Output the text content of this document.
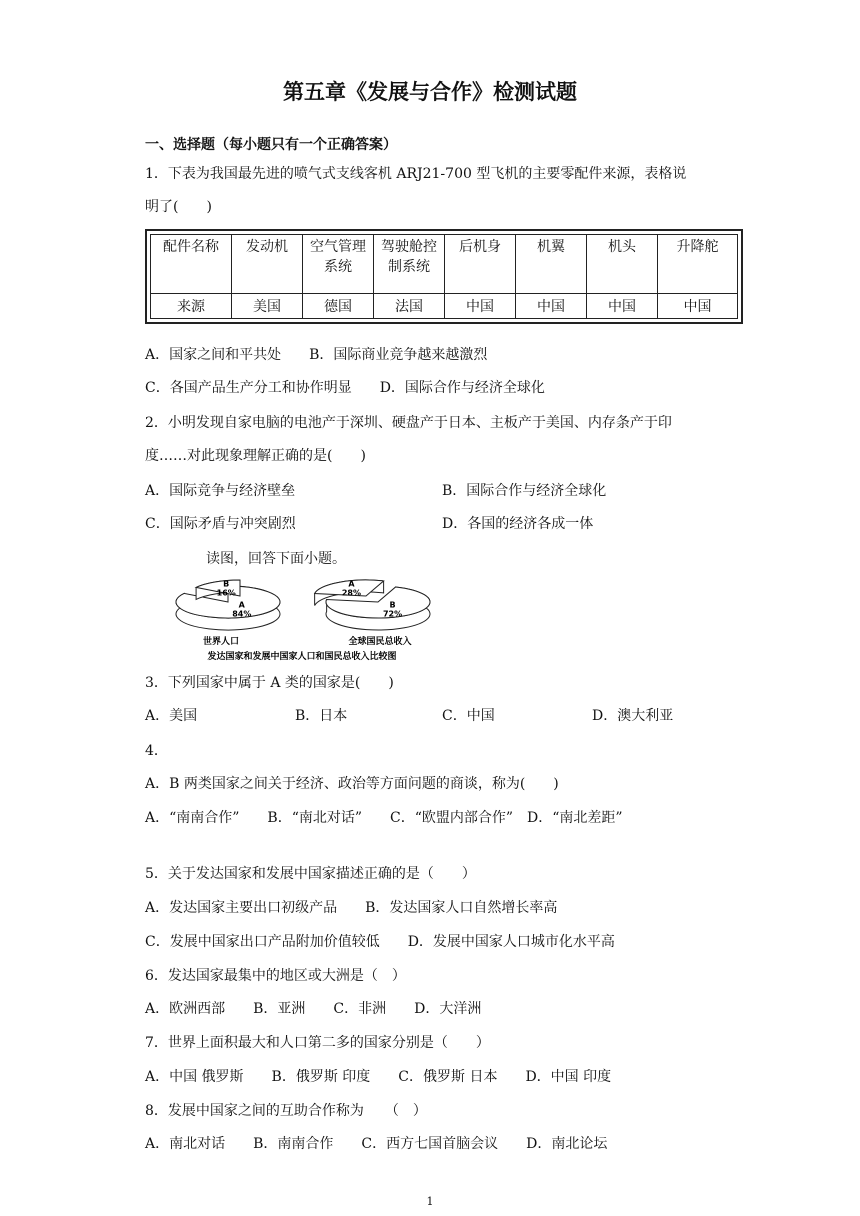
第五章《发展与合作》检测试题
一、选择题（每小题只有一个正确答案）
1．下表为我国最先进的喷气式支线客机 ARJ21-700 型飞机的主要零配件来源，表格说
明了(　　)
配件名称	发动机	空气管理系统	驾驶舱控制系统	后机身	机翼	机头	升降舵
来源	美国	德国	法国	中国	中国	中国	中国
A．国家之间和平共处　　B．国际商业竞争越来越激烈
C．各国产品生产分工和协作明显　　D．国际合作与经济全球化
2．小明发现自家电脑的电池产于深圳、硬盘产于日本、主板产于美国、内存条产于印
度……对此现象理解正确的是(　　)
A．国际竞争与经济壁垒	B．国际合作与经济全球化
C．国际矛盾与冲突剧烈	D．各国的经济各成一体
读图，回答下面小题。
A
84%
B
16%
A
28%
B
72%
世界人口	全球国民总收入
发达国家和发展中国家人口和国民总收入比较图
3．下列国家中属于 A 类的国家是(　　)
A．美国	B．日本	C．中国	D．澳大利亚
4．
A．B 两类国家之间关于经济、政治等方面问题的商谈，称为(　　)
A．“南南合作”　　B．“南北对话”　　C．“欧盟内部合作”　D．“南北差距”
5．关于发达国家和发展中国家描述正确的是（　　）
A．发达国家主要出口初级产品　　B．发达国家人口自然增长率高
C．发展中国家出口产品附加价值较低　　D．发展中国家人口城市化水平高
6．发达国家最集中的地区或大洲是（　）
A．欧洲西部　　B．亚洲　　C．非洲　　D．大洋洲
7．世界上面积最大和人口第二多的国家分别是（　　）
A．中国 俄罗斯　　B．俄罗斯 印度　　C．俄罗斯 日本　　D．中国 印度
8．发展中国家之间的互助合作称为　　（　）
A．南北对话　　B．南南合作　　C．西方七国首脑会议　　D．南北论坛
1
